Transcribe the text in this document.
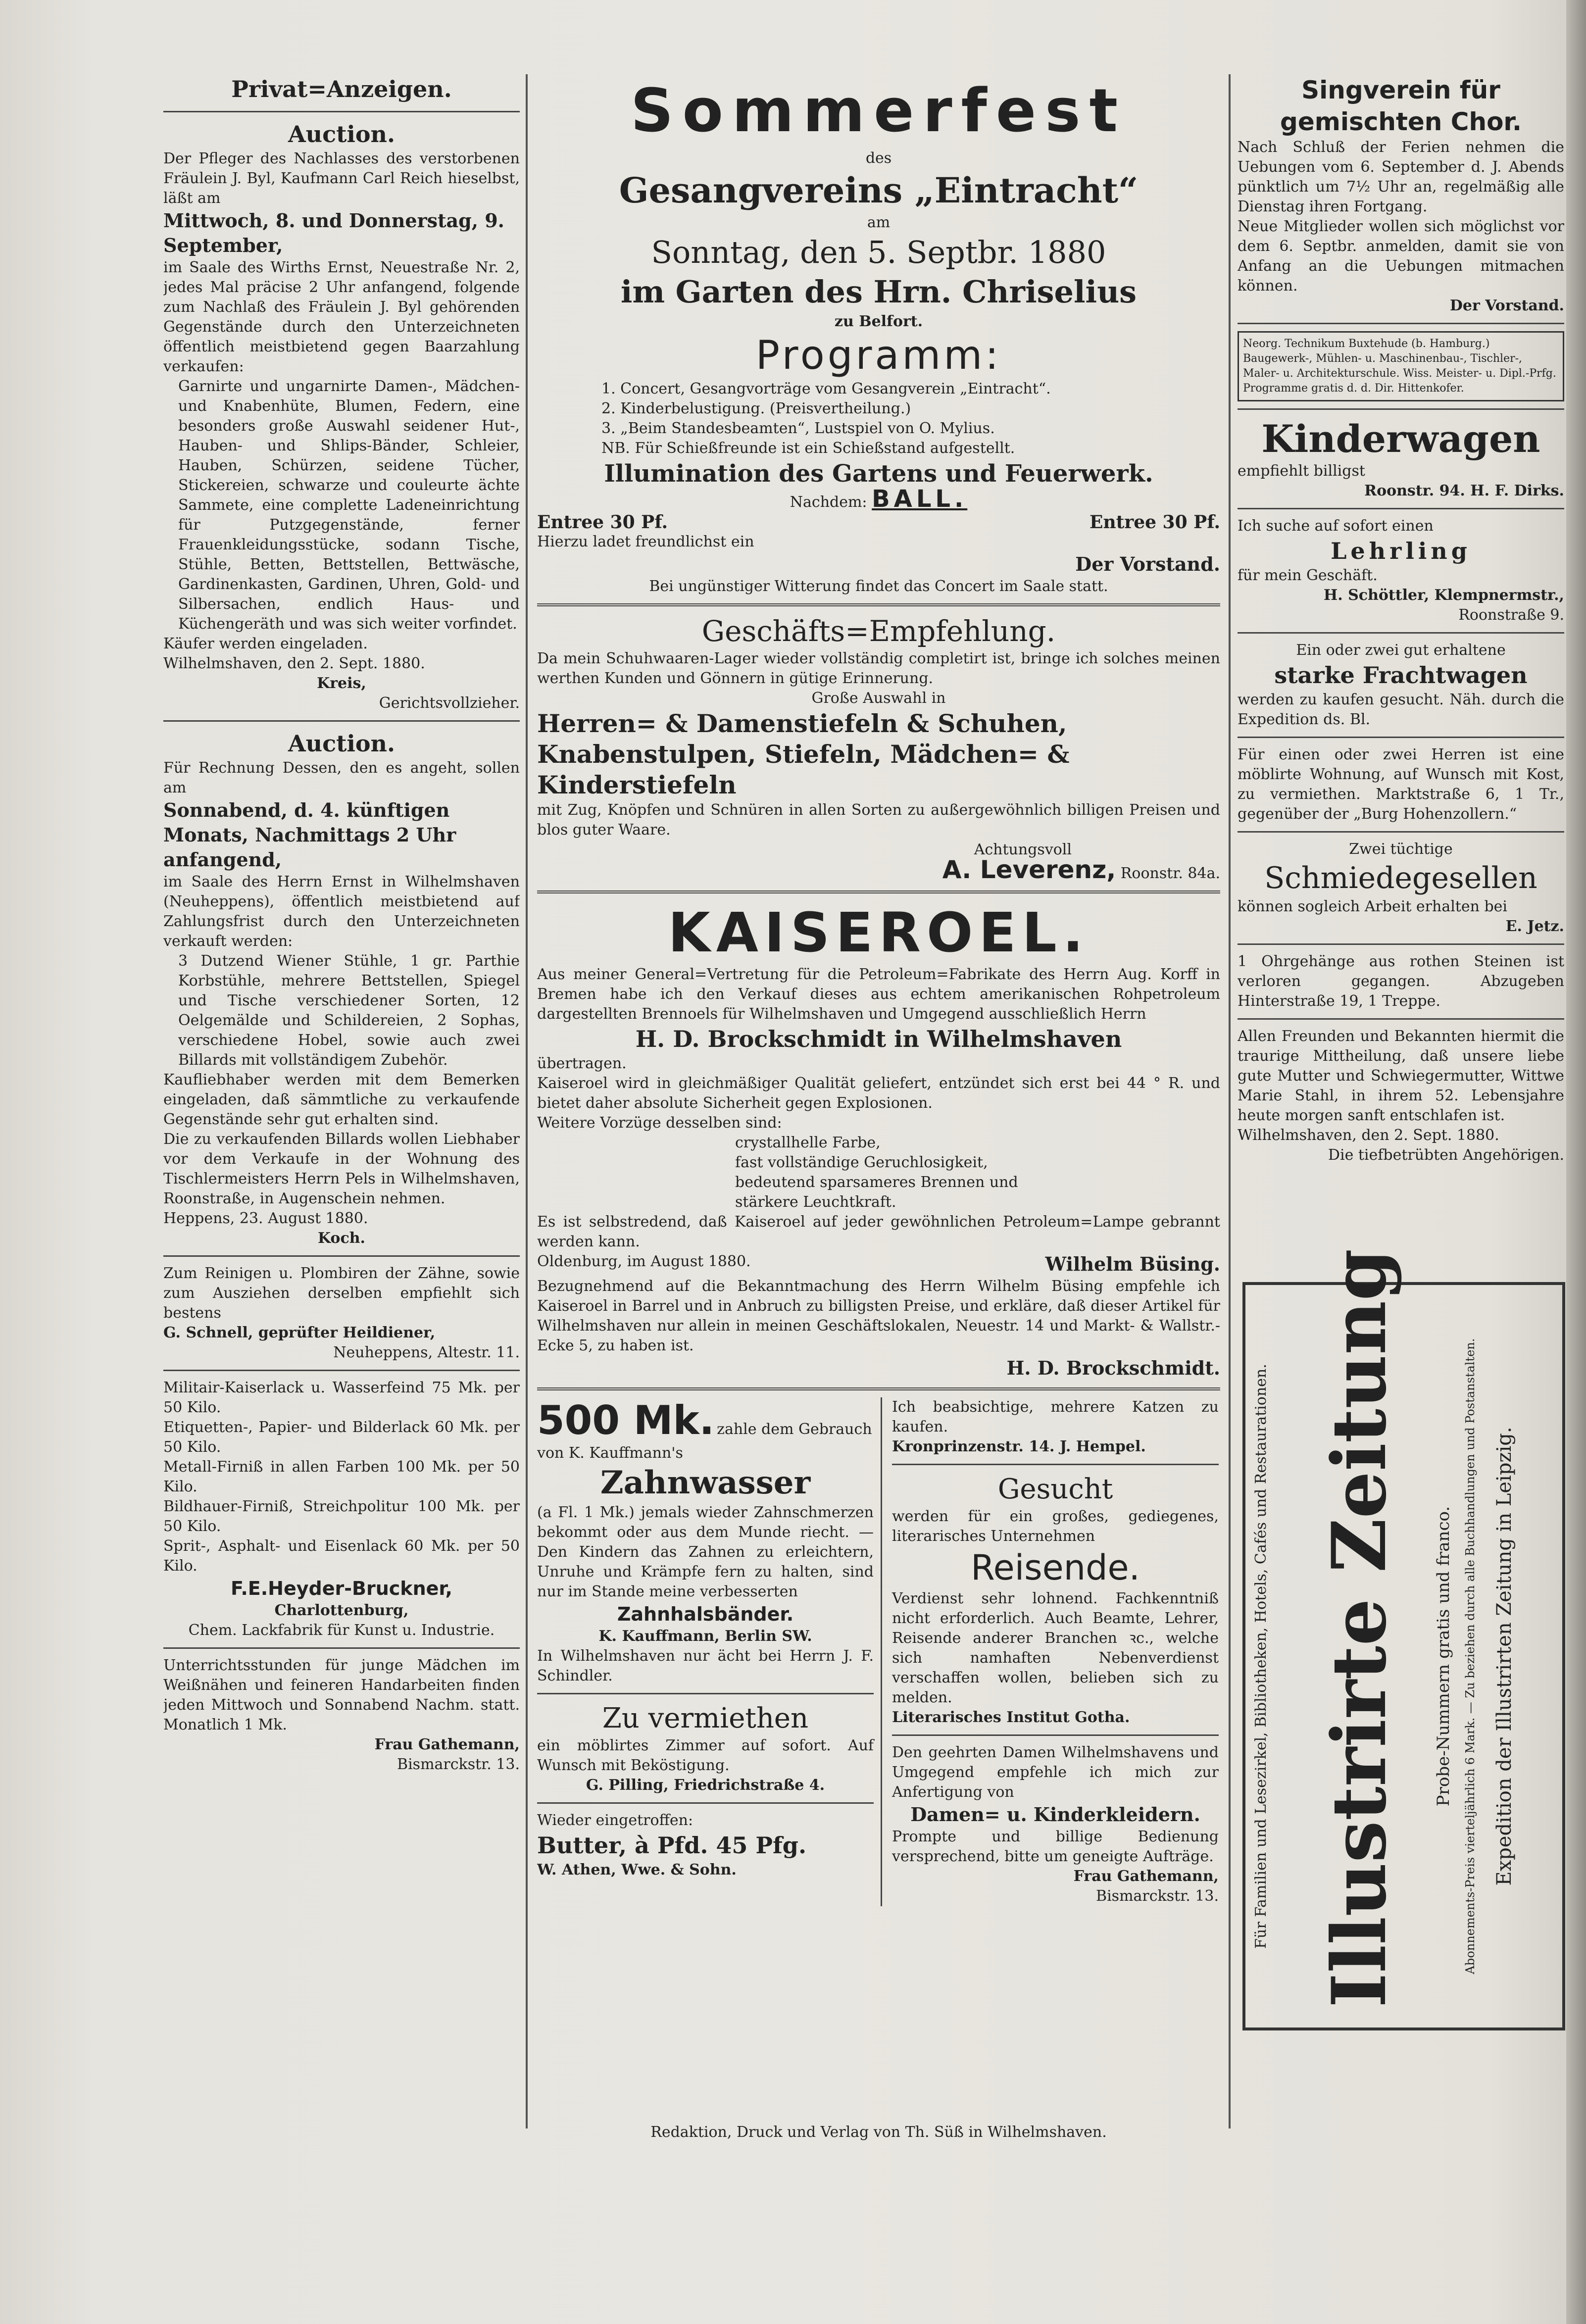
Privat=Anzeigen.

Auction.

Der Pfleger des Nachlasses des verstorbenen Fräulein J. Byl, Kaufmann Carl Reich hieselbst, läßt am

Mittwoch, 8. und Donnerstag, 9. September,

im Saale des Wirths Ernst, Neuestraße Nr. 2, jedes Mal präcise 2 Uhr anfangend, folgende zum Nachlaß des Fräulein J. Byl gehörenden Gegenstände durch den Unterzeichneten öffentlich meistbietend gegen Baarzahlung verkaufen:

Garnirte und ungarnirte Damen-, Mädchen- und Knabenhüte, Blumen, Federn, eine besonders große Auswahl seidener Hut-, Hauben- und Shlips-Bänder, Schleier, Hauben, Schürzen, seidene Tücher, Stickereien, schwarze und couleurte ächte Sammete, eine complette Ladeneinrichtung für Putzgegenstände, ferner Frauenkleidungsstücke, sodann Tische, Stühle, Betten, Bettstellen, Bettwäsche, Gardinenkasten, Gardinen, Uhren, Gold- und Silbersachen, endlich Haus- und Küchengeräth und was sich weiter vorfindet.

Käufer werden eingeladen.

Wilhelmshaven, den 2. Sept. 1880.

Kreis,

Gerichtsvollzieher.

Auction.

Für Rechnung Dessen, den es angeht, sollen am

Sonnabend, d. 4. künftigen Monats, Nachmittags 2 Uhr anfangend,

im Saale des Herrn Ernst in Wilhelmshaven (Neuheppens), öffentlich meistbietend auf Zahlungsfrist durch den Unterzeichneten verkauft werden:

3 Dutzend Wiener Stühle, 1 gr. Parthie Korbstühle, mehrere Bettstellen, Spiegel und Tische verschiedener Sorten, 12 Oelgemälde und Schildereien, 2 Sophas, verschiedene Hobel, sowie auch zwei Billards mit vollständigem Zubehör.

Kaufliebhaber werden mit dem Bemerken eingeladen, daß sämmtliche zu verkaufende Gegenstände sehr gut erhalten sind.

Die zu verkaufenden Billards wollen Liebhaber vor dem Verkaufe in der Wohnung des Tischlermeisters Herrn Pels in Wilhelmshaven, Roonstraße, in Augenschein nehmen.

Heppens, 23. August 1880.

Koch.

Zum Reinigen u. Plombiren der Zähne, sowie zum Ausziehen derselben empfiehlt sich bestens

G. Schnell, geprüfter Heildiener,

Neuheppens, Altestr. 11.

Militair-Kaiserlack u. Wasserfeind 75 Mk. per 50 Kilo.

Etiquetten-, Papier- und Bilderlack 60 Mk. per 50 Kilo.

Metall-Firniß in allen Farben 100 Mk. per 50 Kilo.

Bildhauer-Firniß, Streichpolitur 100 Mk. per 50 Kilo.

Sprit-, Asphalt- und Eisenlack 60 Mk. per 50 Kilo.

F.E.Heyder-Bruckner,

Charlottenburg,

Chem. Lackfabrik für Kunst u. Industrie.

Unterrichtsstunden für junge Mädchen im Weißnähen und feineren Handarbeiten finden jeden Mittwoch und Sonnabend Nachm. statt. Monatlich 1 Mk.

Frau Gathemann,

Bismarckstr. 13.

Sommerfest

des

Gesangvereins „Eintracht“

am

Sonntag, den 5. Septbr. 1880

im Garten des Hrn. Chriselius

zu Belfort.

Programm:

1. Concert, Gesangvorträge vom Gesangverein „Eintracht“.

2. Kinderbelustigung. (Preisvertheilung.)

3. „Beim Standesbeamten“, Lustspiel von O. Mylius.

NB. Für Schießfreunde ist ein Schießstand aufgestellt.

Illumination des Gartens und Feuerwerk.

Nachdem: BALL.

Entree 30 Pf.	Entree 30 Pf.

Hierzu ladet freundlichst ein

Der Vorstand.

Bei ungünstiger Witterung findet das Concert im Saale statt.

Geschäfts=Empfehlung.

Da mein Schuhwaaren-Lager wieder vollständig completirt ist, bringe ich solches meinen werthen Kunden und Gönnern in gütige Erinnerung.

Große Auswahl in

Herren= & Damenstiefeln & Schuhen, Knabenstulpen, Stiefeln, Mädchen= & Kinderstiefeln

mit Zug, Knöpfen und Schnüren in allen Sorten zu außergewöhnlich billigen Preisen und blos guter Waare.

Achtungsvoll

A. Leverenz, Roonstr. 84a.

KAISEROEL.

Aus meiner General=Vertretung für die Petroleum=Fabrikate des Herrn Aug. Korff in Bremen habe ich den Verkauf dieses aus echtem amerikanischen Rohpetroleum dargestellten Brennoels für Wilhelmshaven und Umgegend ausschließlich Herrn

H. D. Brockschmidt in Wilhelmshaven

übertragen.

Kaiseroel wird in gleichmäßiger Qualität geliefert, entzündet sich erst bei 44 ° R. und bietet daher absolute Sicherheit gegen Explosionen.

Weitere Vorzüge desselben sind:

crystallhelle Farbe,

fast vollständige Geruchlosigkeit,

bedeutend sparsameres Brennen und

stärkere Leuchtkraft.

Es ist selbstredend, daß Kaiseroel auf jeder gewöhnlichen Petroleum=Lampe gebrannt werden kann.

Oldenburg, im August 1880.	Wilhelm Büsing.

Bezugnehmend auf die Bekanntmachung des Herrn Wilhelm Büsing empfehle ich Kaiseroel in Barrel und in Anbruch zu billigsten Preise, und erkläre, daß dieser Artikel für Wilhelmshaven nur allein in meinen Geschäftslokalen, Neuestr. 14 und Markt- & Wallstr.-Ecke 5, zu haben ist.

H. D. Brockschmidt.

500 Mk. zahle dem Gebrauch von K. Kauffmann's

Zahnwasser

(a Fl. 1 Mk.) jemals wieder Zahnschmerzen bekommt oder aus dem Munde riecht. — Den Kindern das Zahnen zu erleichtern, Unruhe und Krämpfe fern zu halten, sind nur im Stande meine verbesserten

Zahnhalsbänder.

K. Kauffmann, Berlin SW.

In Wilhelmshaven nur ächt bei Herrn J. F. Schindler.

Zu vermiethen

ein möblirtes Zimmer auf sofort. Auf Wunsch mit Beköstigung.

G. Pilling, Friedrichstraße 4.

Wieder eingetroffen:

Butter, à Pfd. 45 Pfg.

W. Athen, Wwe. & Sohn.

Ich beabsichtige, mehrere Katzen zu kaufen.

Kronprinzenstr. 14. J. Hempel.

Gesucht

werden für ein großes, gediegenes, literarisches Unternehmen

Reisende.

Verdienst sehr lohnend. Fachkenntniß nicht erforderlich. Auch Beamte, Lehrer, Reisende anderer Branchen ꝛc., welche sich namhaften Nebenverdienst verschaffen wollen, belieben sich zu melden.

Literarisches Institut Gotha.

Den geehrten Damen Wilhelmshavens und Umgegend empfehle ich mich zur Anfertigung von

Damen= u. Kinderkleidern.

Prompte und billige Bedienung versprechend, bitte um geneigte Aufträge.

Frau Gathemann,

Bismarckstr. 13.

Singverein für gemischten Chor.

Nach Schluß der Ferien nehmen die Uebungen vom 6. September d. J. Abends pünktlich um 7½ Uhr an, regelmäßig alle Dienstag ihren Fortgang.

Neue Mitglieder wollen sich möglichst vor dem 6. Septbr. anmelden, damit sie von Anfang an die Uebungen mitmachen können.

Der Vorstand.

Neorg. Technikum Buxtehude (b. Hamburg.) Baugewerk-, Mühlen- u. Maschinenbau-, Tischler-, Maler- u. Architekturschule. Wiss. Meister- u. Dipl.-Prfg. Programme gratis d. d. Dir. Hittenkofer.

Kinderwagen

empfiehlt billigst

Roonstr. 94. H. F. Dirks.

Ich suche auf sofort einen

Lehrling

für mein Geschäft.

H. Schöttler, Klempnermstr.,

Roonstraße 9.

Ein oder zwei gut erhaltene

starke Frachtwagen

werden zu kaufen gesucht. Näh. durch die Expedition ds. Bl.

Für einen oder zwei Herren ist eine möblirte Wohnung, auf Wunsch mit Kost, zu vermiethen. Marktstraße 6, 1 Tr., gegenüber der „Burg Hohenzollern.“

Zwei tüchtige

Schmiedegesellen

können sogleich Arbeit erhalten bei

E. Jetz.

1 Ohrgehänge aus rothen Steinen ist verloren gegangen. Abzugeben Hinterstraße 19, 1 Treppe.

Allen Freunden und Bekannten hiermit die traurige Mittheilung, daß unsere liebe gute Mutter und Schwiegermutter, Wittwe Marie Stahl, in ihrem 52. Lebensjahre heute morgen sanft entschlafen ist.

Wilhelmshaven, den 2. Sept. 1880.

Die tiefbetrübten Angehörigen.

Für Familien und Lesezirkel, Bibliotheken, Hotels, Cafés und Restaurationen. Illustrirte Zeitung	Probe-Nummern gratis und franco. Abonnements-Preis vierteljährlich 6 Mark. — Zu beziehen durch alle Buchhandlungen und Postanstalten. Expedition der Illustrirten Zeitung in Leipzig.
Redaktion, Druck und Verlag von Th. Süß in Wilhelmshaven.
